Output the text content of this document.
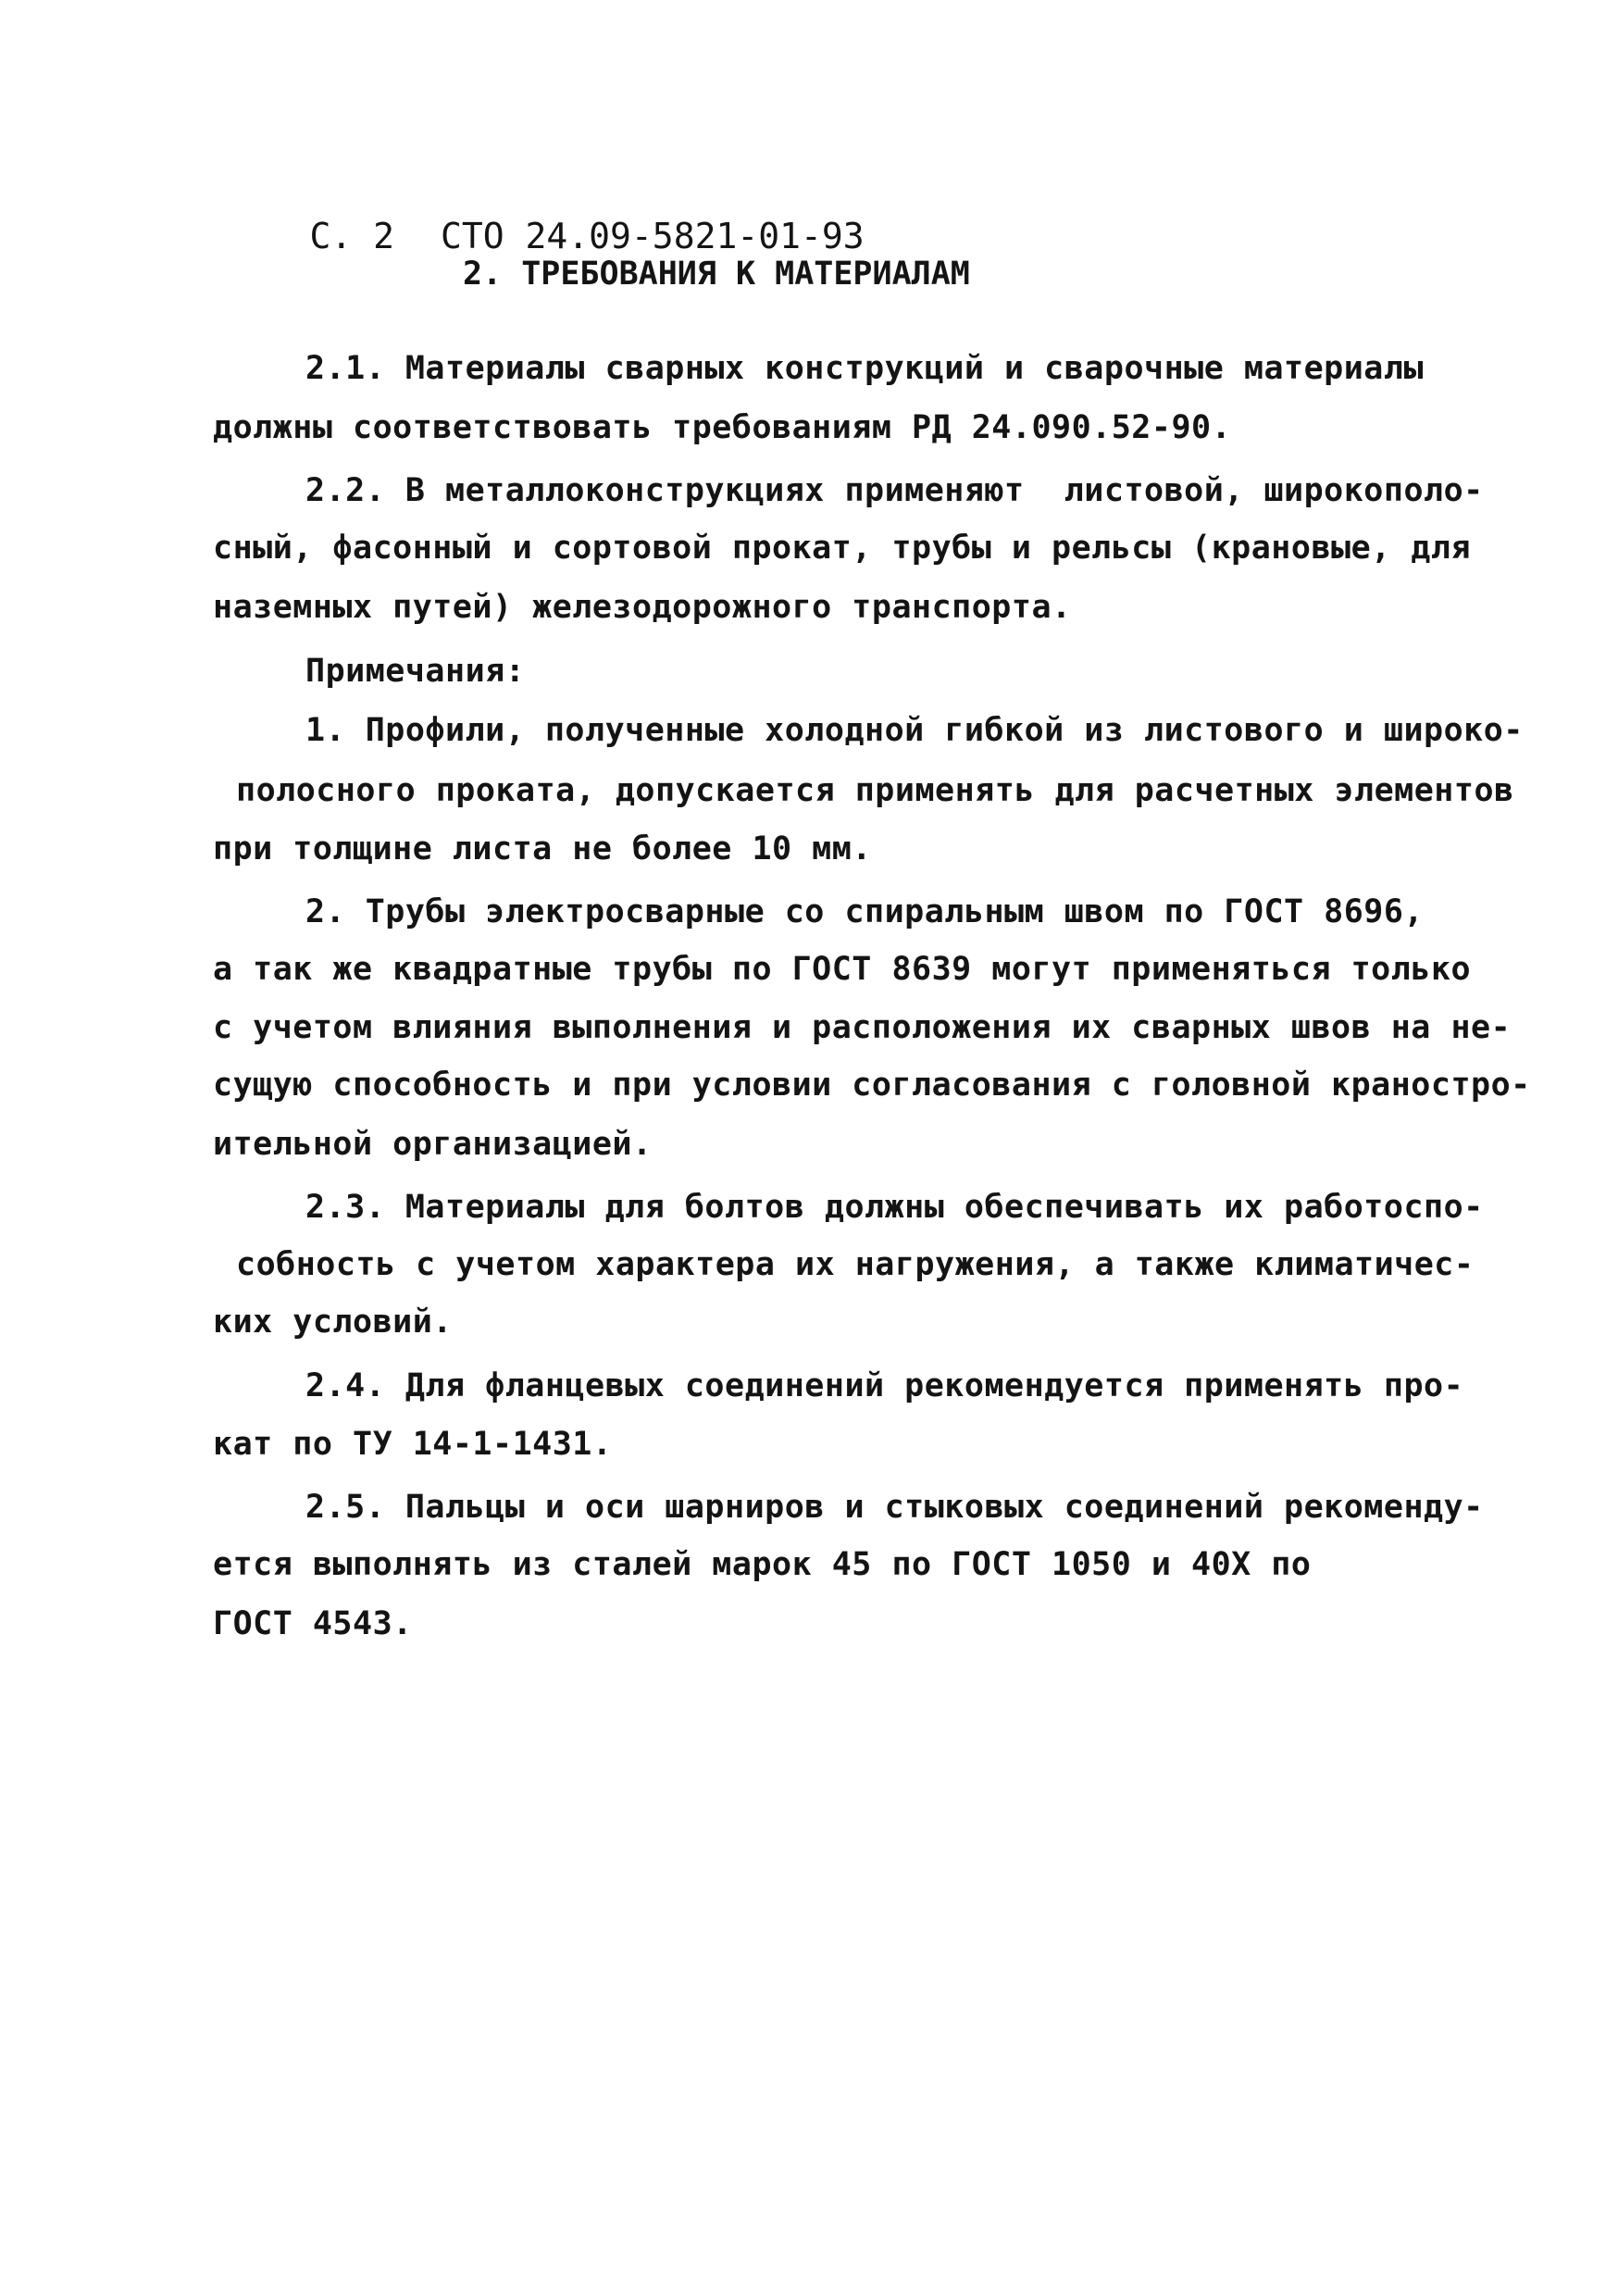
С. 2 СТО 24.09-5821-01-93

2. ТРЕБОВАНИЯ К МАТЕРИАЛАМ
2.1. Материалы сварных конструкций и сварочные материалы
должны соответствовать требованиям РД 24.090.52-90.
2.2. В металлоконструкциях применяют  листовой, широкополо-
сный, фасонный и сортовой прокат, трубы и рельсы (крановые, для
наземных путей) железодорожного транспорта.
Примечания:
1. Профили, полученные холодной гибкой из листового и широко-
полосного проката, допускается применять для расчетных элементов
при толщине листа не более 10 мм.
2. Трубы электросварные со спиральным швом по ГОСТ 8696,
а так же квадратные трубы по ГОСТ 8639 могут применяться только
с учетом влияния выполнения и расположения их сварных швов на не-
сущую способность и при условии согласования с головной краностро-
ительной организацией.
2.3. Материалы для болтов должны обеспечивать их работоспо-
собность с учетом характера их нагружения, а также климатичес-
ких условий.
2.4. Для фланцевых соединений рекомендуется применять про-
кат по ТУ 14-1-1431.
2.5. Пальцы и оси шарниров и стыковых соединений рекоменду-
ется выполнять из сталей марок 45 по ГОСТ 1050 и 40Х по
ГОСТ 4543.
